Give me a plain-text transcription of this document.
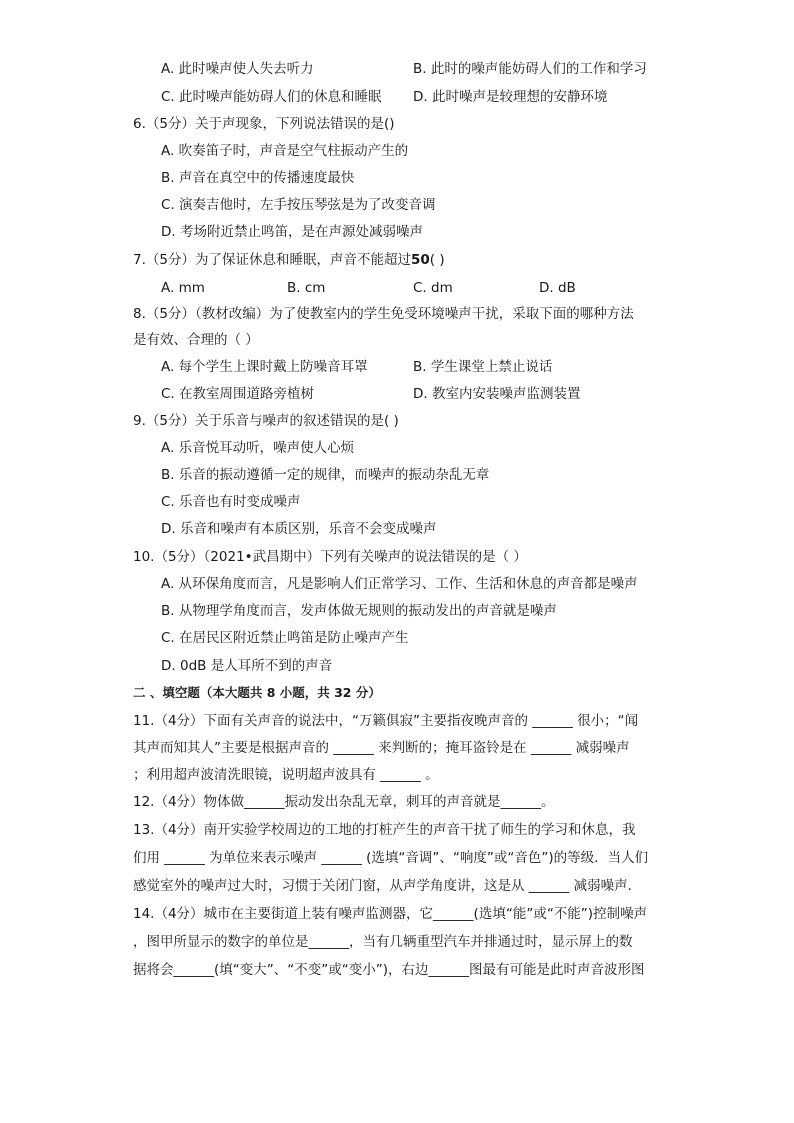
A. 此时噪声使人失去听力	B. 此时的噪声能妨碍人们的工作和学习
C. 此时噪声能妨碍人们的休息和睡眠 D. 此时噪声是较理想的安静环境
6.（5分）关于声现象，下列说法错误的是()
A. 吹奏笛子时，声音是空气柱振动产生的
B. 声音在真空中的传播速度最快
C. 演奏吉他时，左手按压琴弦是为了改变音调
D. 考场附近禁止鸣笛，是在声源处减弱噪声
7.（5分）为了保证休息和睡眠，声音不能超过50( )
A. mm	B. cm	C. dm	D. dB
8.（5分）（教材改编）为了使教室内的学生免受环境噪声干扰，采取下面的哪种方法
是有效、合理的（ ）
A. 每个学生上课时戴上防噪音耳罩	B. 学生课堂上禁止说话
C. 在教室周围道路旁植树	D. 教室内安装噪声监测装置
9.（5分）关于乐音与噪声的叙述错误的是( )
A. 乐音悦耳动听，噪声使人心烦
B. 乐音的振动遵循一定的规律，而噪声的振动杂乱无章
C. 乐音也有时变成噪声
D. 乐音和噪声有本质区别，乐音不会变成噪声
10.（5分）（2021•武昌期中）下列有关噪声的说法错误的是（ ）
A. 从环保角度而言，凡是影响人们正常学习、工作、生活和休息的声音都是噪声
B. 从物理学角度而言，发声体做无规则的振动发出的声音就是噪声
C. 在居民区附近禁止鸣笛是防止噪声产生
D. 0dB 是人耳所不到的声音
二 、填空题（本大题共 8 小题，共 32 分）
11.（4分）下面有关声音的说法中，“万籁俱寂”主要指夜晚声音的 ______ 很小；“闻
其声而知其人”主要是根据声音的 ______ 来判断的；掩耳盗铃是在 ______ 减弱噪声
；利用超声波清洗眼镜，说明超声波具有 ______ 。
12.（4分）物体做______振动发出杂乱无章，刺耳的声音就是______。
13.（4分）南开实验学校周边的工地的打桩产生的声音干扰了师生的学习和休息，我
们用 ______ 为单位来表示噪声 ______ (选填“音调”、“响度”或“音色”)的等级．当人们
感觉室外的噪声过大时，习惯于关闭门窗，从声学角度讲，这是从 ______ 减弱噪声．
14.（4分）城市在主要街道上装有噪声监测器，它______(选填“能”或“不能”)控制噪声
，图甲所显示的数字的单位是______，当有几辆重型汽车并排通过时，显示屏上的数
据将会______(填“变大”、“不变”或“变小”)，右边______图最有可能是此时声音波形图
